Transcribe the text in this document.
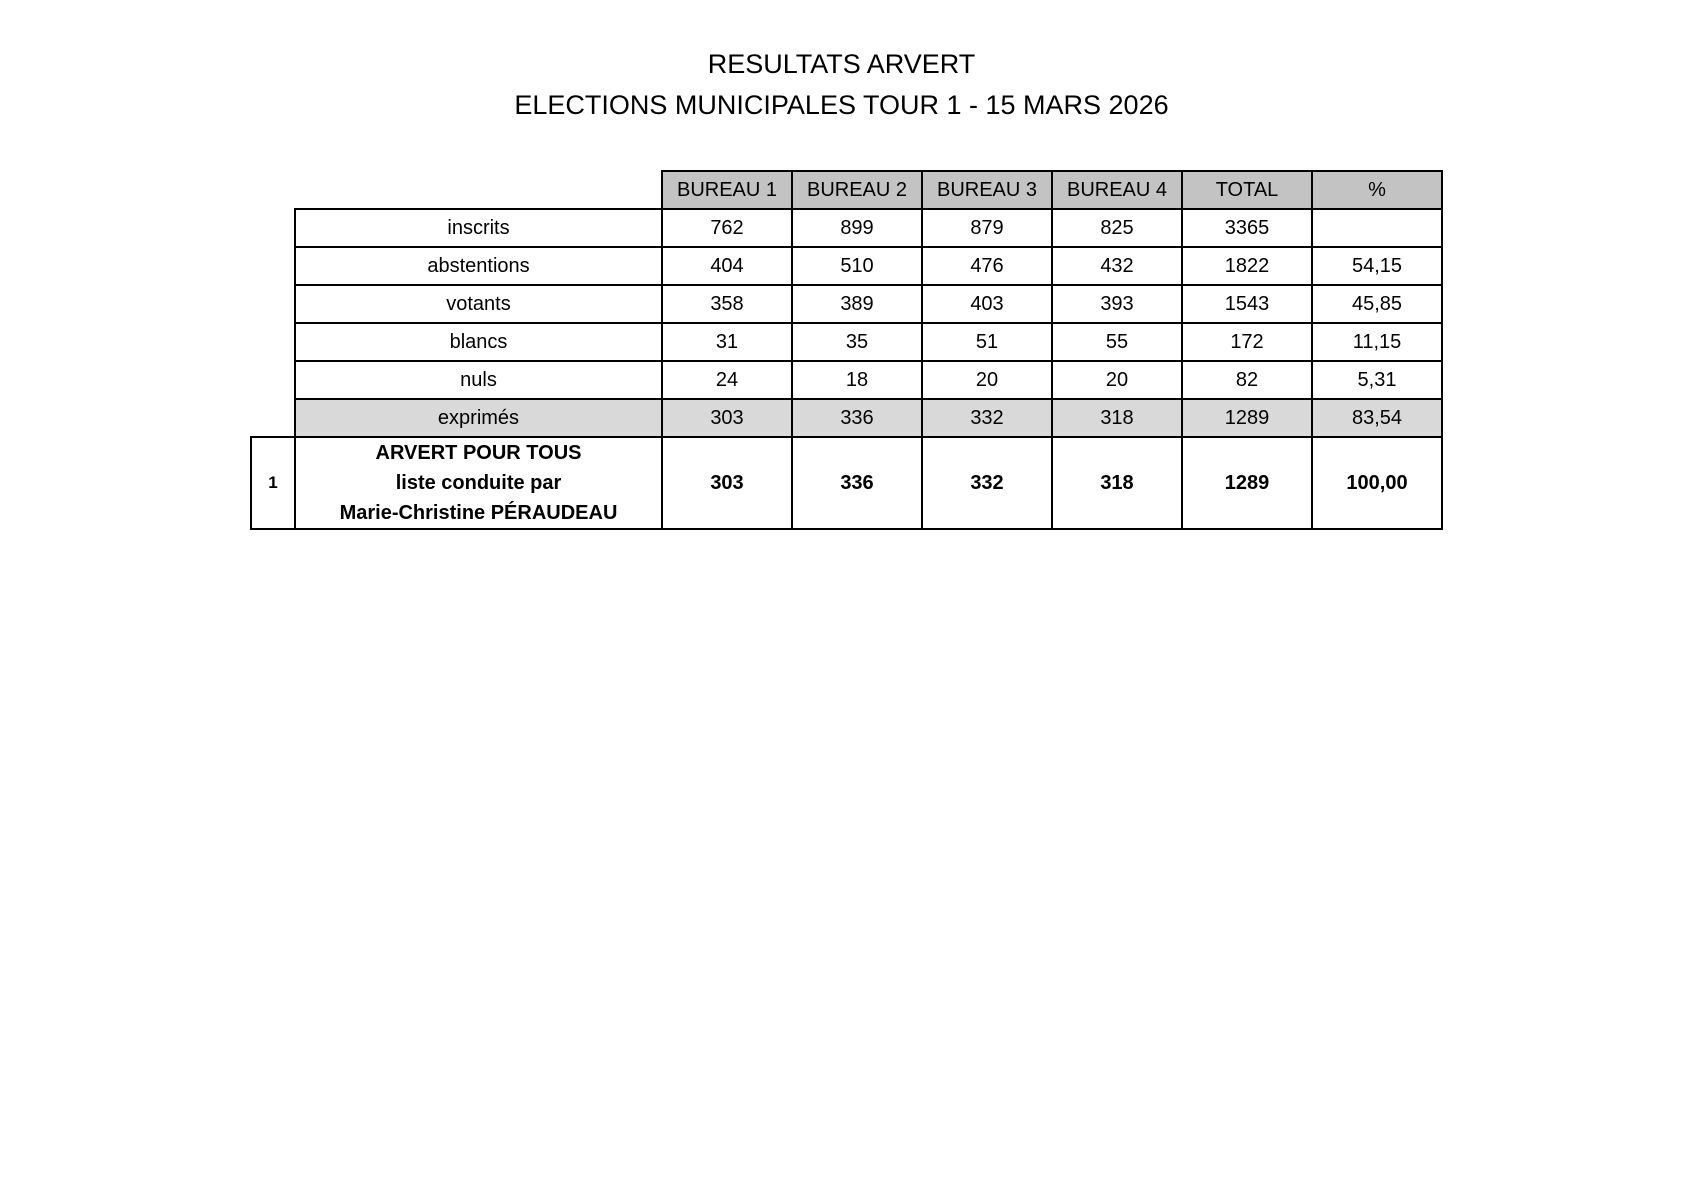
RESULTATS ARVERT
ELECTIONS MUNICIPALES TOUR 1 - 15 MARS 2026
		BUREAU 1	BUREAU 2	BUREAU 3	BUREAU 4	TOTAL	%
	inscrits	762	899	879	825	3365	
	abstentions	404	510	476	432	1822	54,15
	votants	358	389	403	393	1543	45,85
	blancs	31	35	51	55	172	11,15
	nuls	24	18	20	20	82	5,31
	exprimés	303	336	332	318	1289	83,54
1	ARVERT POUR TOUS
liste conduite par
Marie-Christine PÉRAUDEAU	303	336	332	318	1289	100,00
